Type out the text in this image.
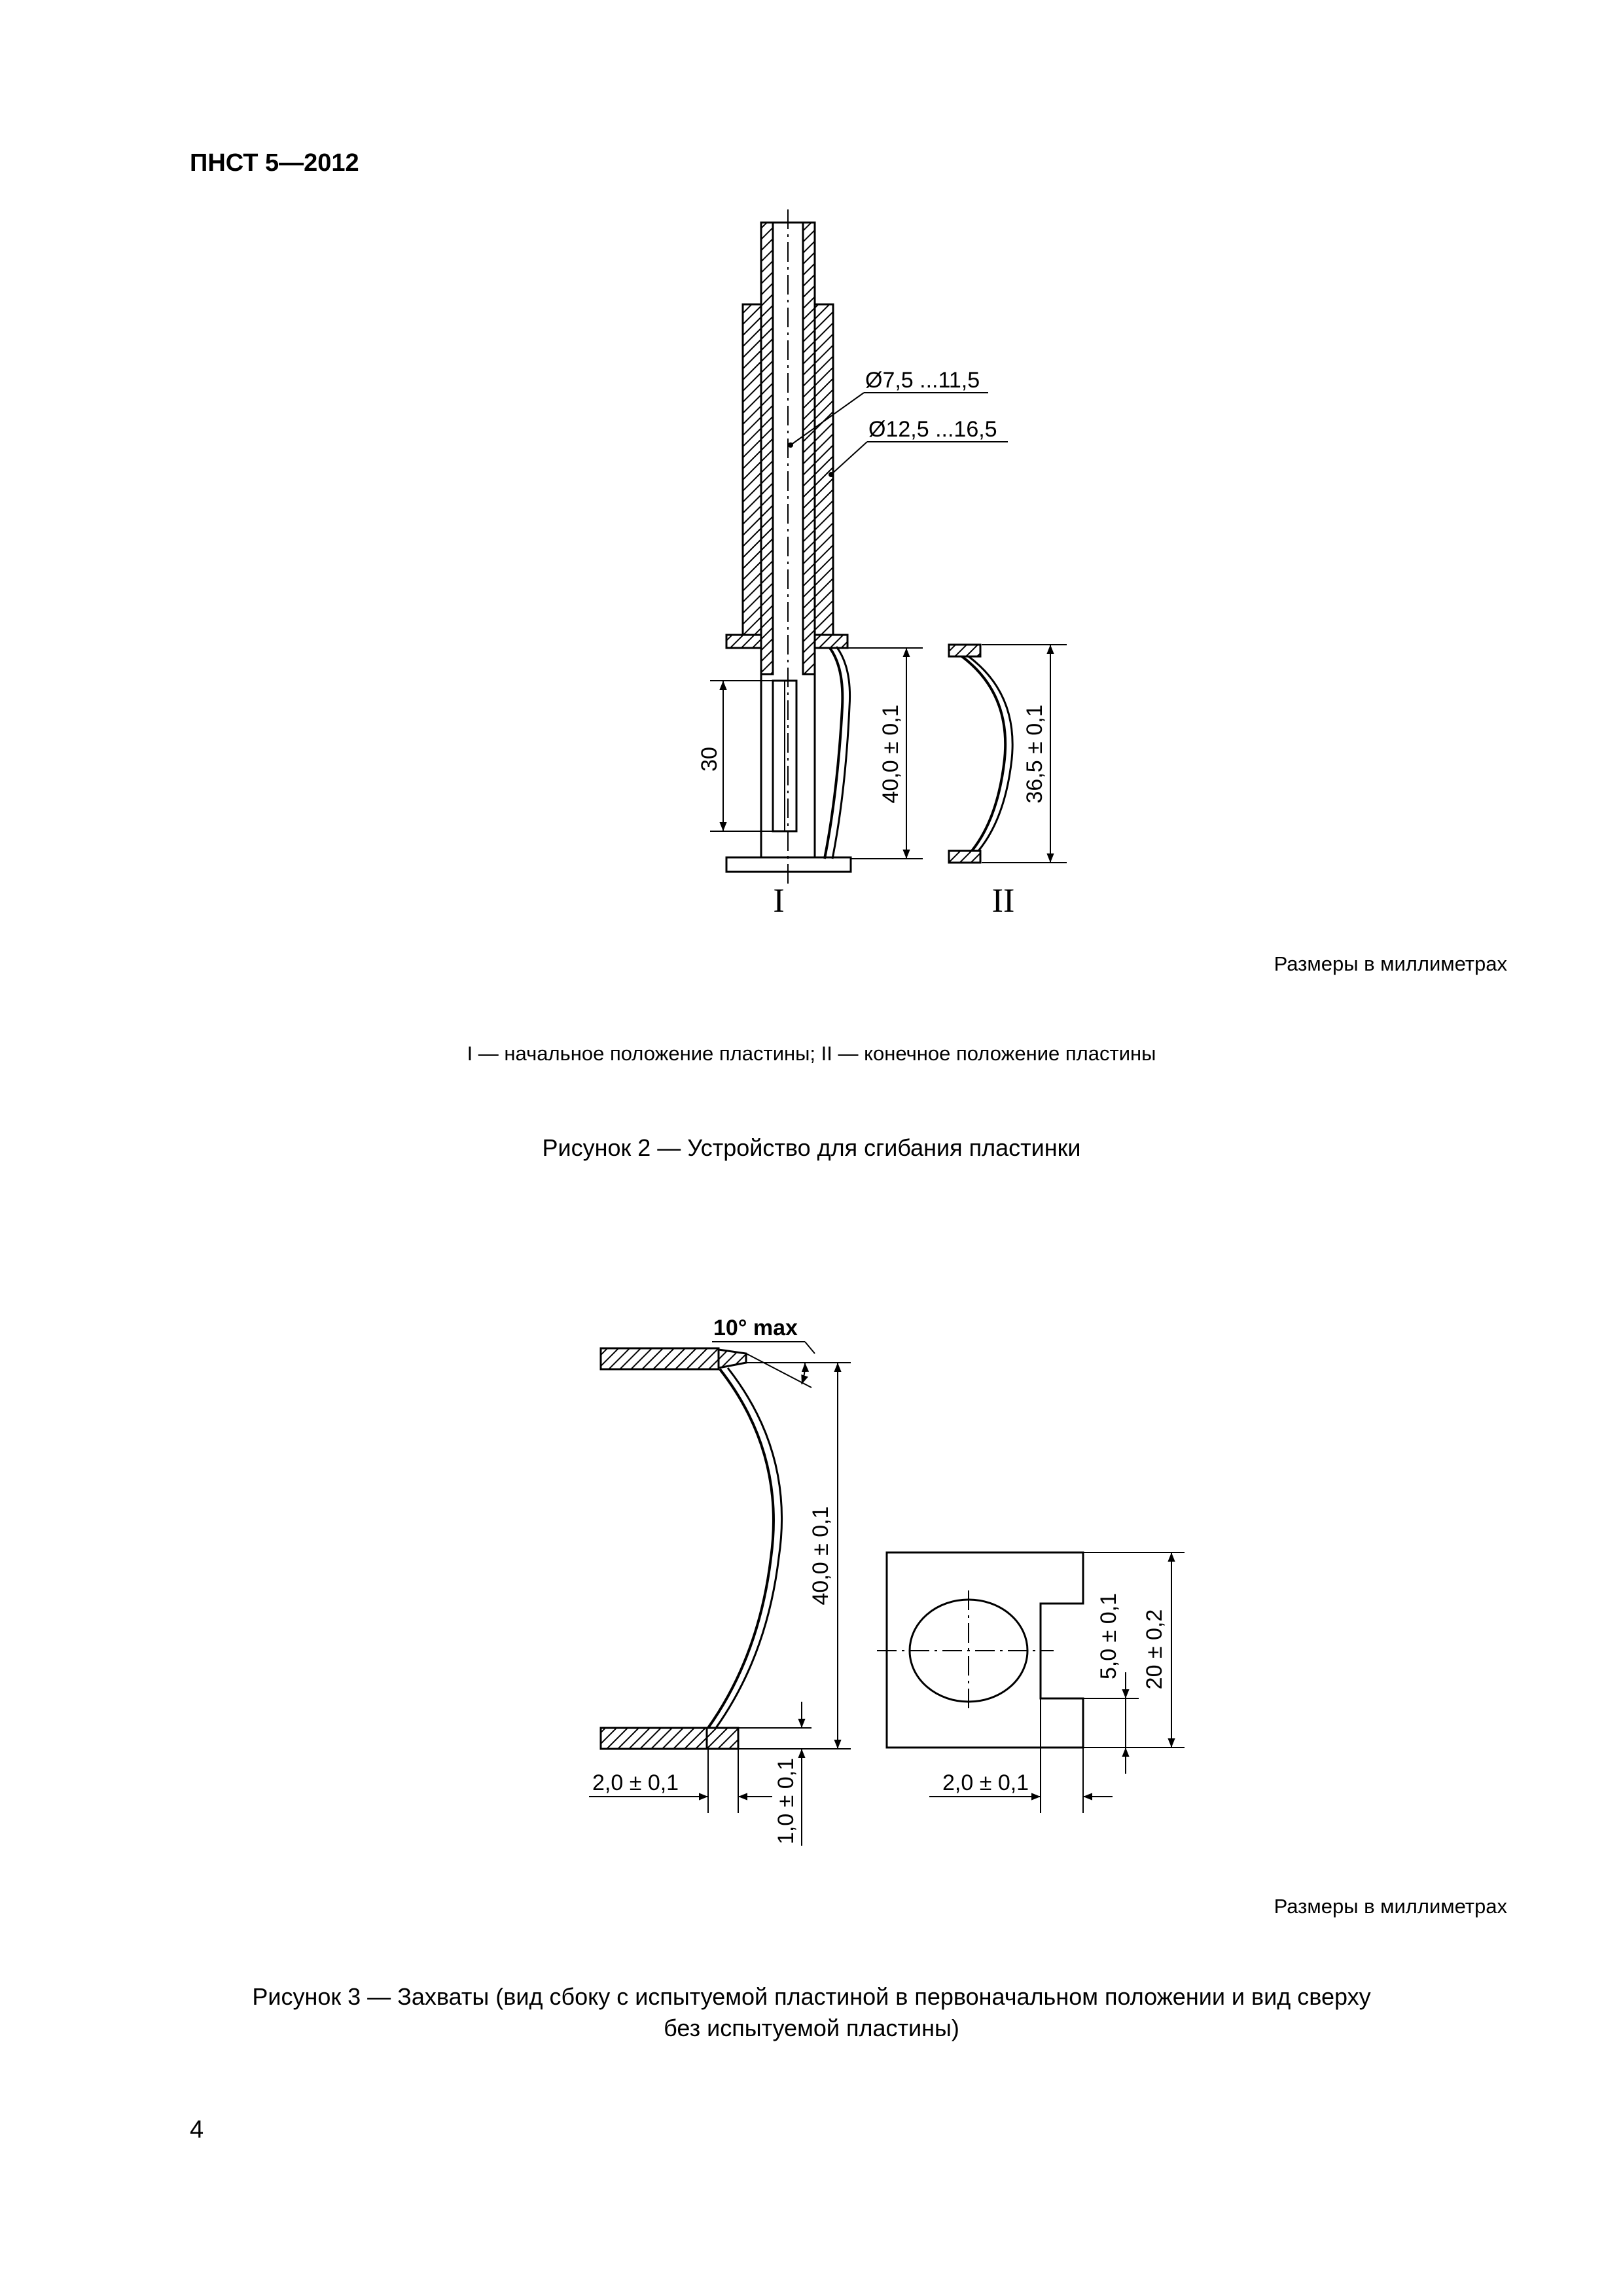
ПНСТ 5—2012
Ø7,5 ...11,5
Ø12,5 ...16,5
30	40,0 ± 0,1	36,5 ± 0,1
I	II
Размеры в миллиметрах
I — начальное положение пластины; II — конечное положение пластины
Рисунок 2 — Устройство для сгибания пластинки
10° max
40,0 ± 0,1
1,0 ± 0,1
2,0 ± 0,1
5,0 ± 0,1 20 ± 0,2
2,0 ± 0,1
Размеры в миллиметрах
Рисунок 3 — Захваты (вид сбоку с испытуемой пластиной в первоначальном положении и вид сверху
без испытуемой пластины)
4
